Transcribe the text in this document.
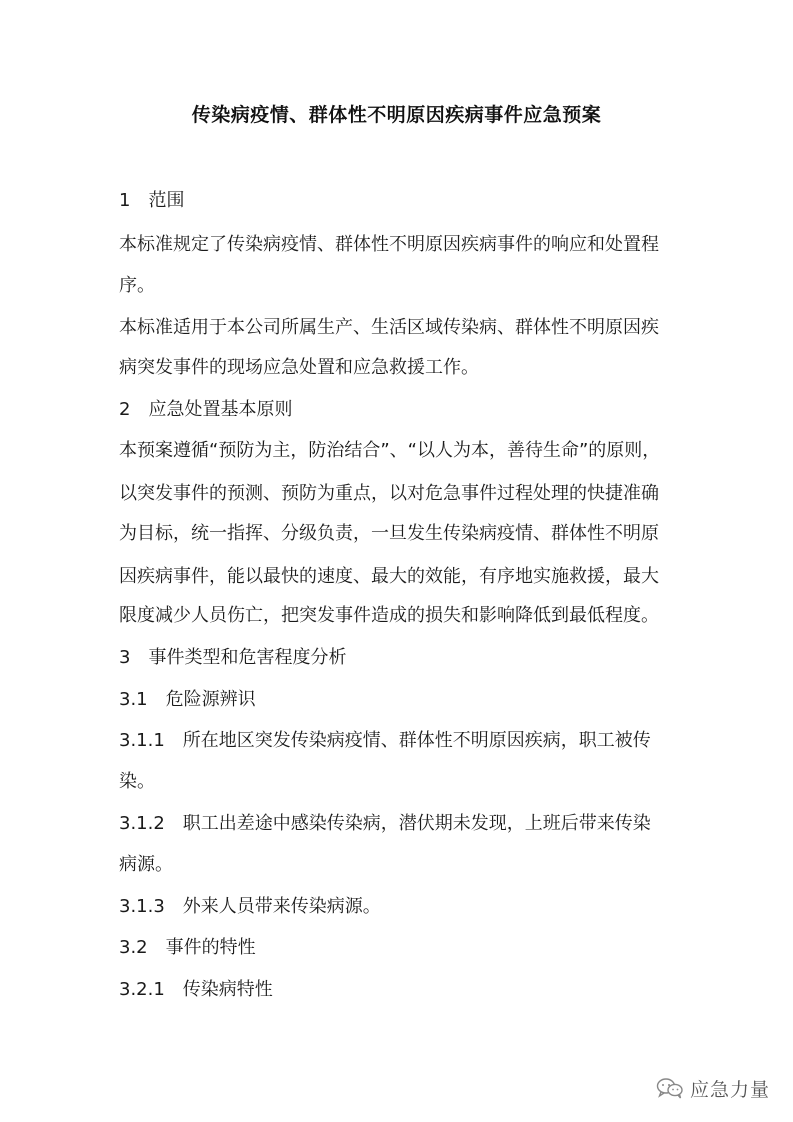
传染病疫情、群体性不明原因疾病事件应急预案
1　范围
本标准规定了传染病疫情、群体性不明原因疾病事件的响应和处置程
序。
本标准适用于本公司所属生产、生活区域传染病、群体性不明原因疾
病突发事件的现场应急处置和应急救援工作。
2　应急处置基本原则
本预案遵循“预防为主，防治结合”、“以人为本，善待生命”的原则，
以突发事件的预测、预防为重点，以对危急事件过程处理的快捷准确
为目标，统一指挥、分级负责，一旦发生传染病疫情、群体性不明原
因疾病事件，能以最快的速度、最大的效能，有序地实施救援，最大
限度减少人员伤亡，把突发事件造成的损失和影响降低到最低程度。
3　事件类型和危害程度分析
3.1　危险源辨识
3.1.1　所在地区突发传染病疫情、群体性不明原因疾病，职工被传
染。
3.1.2　职工出差途中感染传染病，潜伏期未发现，上班后带来传染
病源。
3.1.3　外来人员带来传染病源。
3.2　事件的特性
3.2.1　传染病特性
应急力量
